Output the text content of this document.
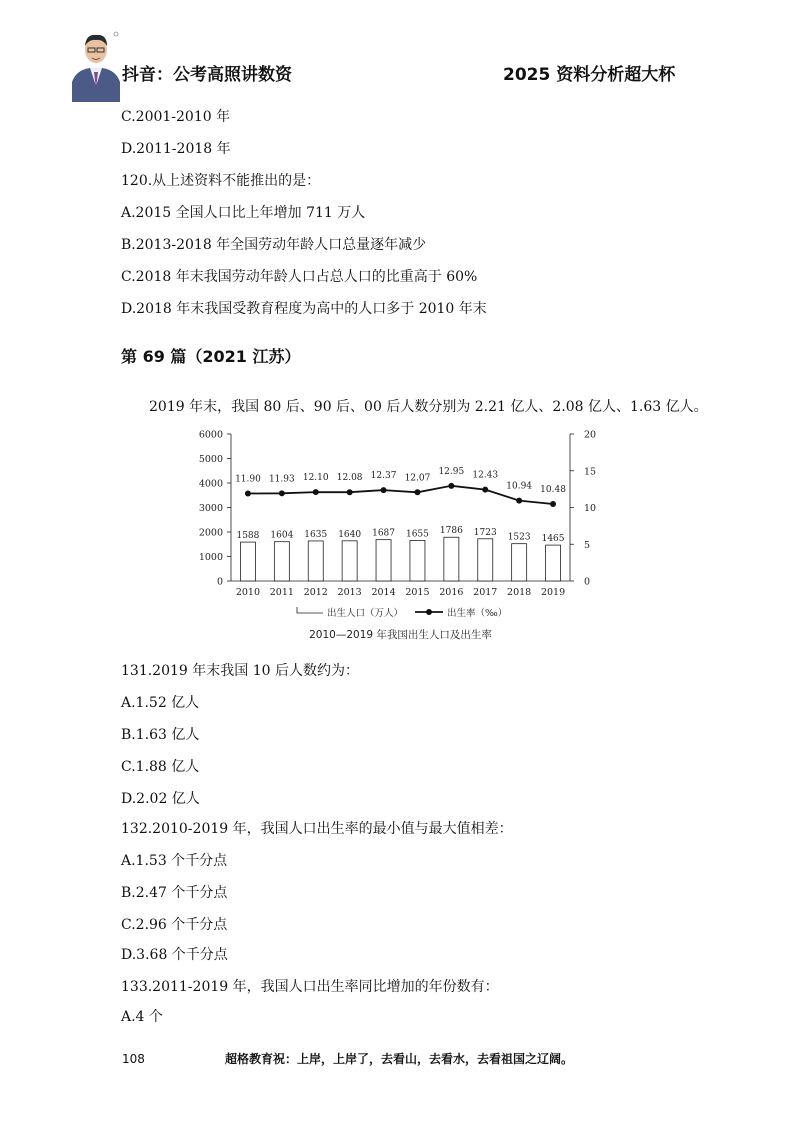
抖音：公考高照讲数资	2025 资料分析超大杯
C.2001-2010 年
D.2011-2018 年
120.从上述资料不能推出的是：
A.2015 全国人口比上年增加 711 万人
B.2013-2018 年全国劳动年龄人口总量逐年减少
C.2018 年末我国劳动年龄人口占总人口的比重高于 60%
D.2018 年末我国受教育程度为高中的人口多于 2010 年末
第 69 篇（2021 江苏）
2019 年末，我国 80 后、90 后、00 后人数分别为 2.21 亿人、2.08 亿人、1.63 亿人。
0
1000
2000
3000
4000
5000
6000
0
5
10
15
20
1588
2010
1604
2011
1635
2012
1640
2013
1687
2014
1655
2015
1786
2016
1723
2017
1523
2018
1465
2019
11.90 11.93 12.10 12.08 12.37 12.07
12.95 12.43
10.94 10.48
出生人口（万人）	出生率（‰）
2010—2019 年我国出生人口及出生率
131.2019 年末我国 10 后人数约为：
A.1.52 亿人
B.1.63 亿人
C.1.88 亿人
D.2.02 亿人
132.2010-2019 年，我国人口出生率的最小值与最大值相差：
A.1.53 个千分点
B.2.47 个千分点
C.2.96 个千分点
D.3.68 个千分点
133.2011-2019 年，我国人口出生率同比增加的年份数有：
A.4 个
108	超格教育祝：上岸，上岸了，去看山，去看水，去看祖国之辽阔。
